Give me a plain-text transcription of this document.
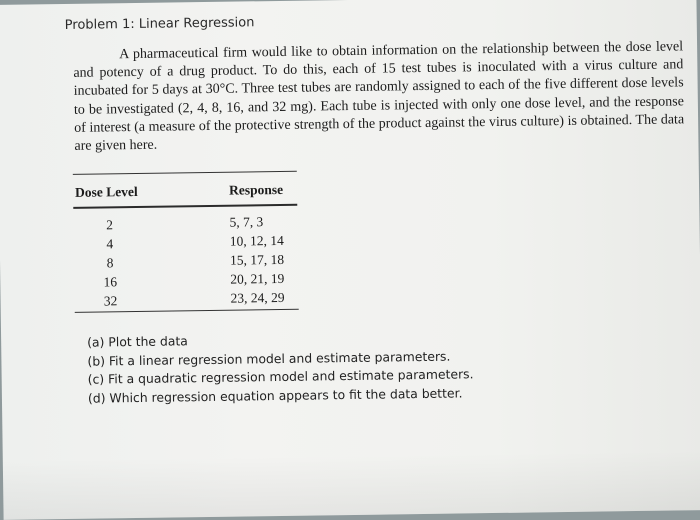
Problem 1: Linear Regression

A pharmaceutical firm would like to obtain information on the relationship between the dose level and potency of a drug product. To do this, each of 15 test tubes is inoculated with a virus culture and incubated for 5 days at 30°C. Three test tubes are randomly assigned to each of the five different dose levels to be investigated (2, 4, 8, 16, and 32 mg). Each tube is injected with only one dose level, and the response of interest (a measure of the protective strength of the product against the virus culture) is obtained. The data are given here.

Dose Level	Response
2	5, 7, 3
4	10, 12, 14
8	15, 17, 18
16	20, 21, 19
32	23, 24, 29
(a) Plot the data
(b) Fit a linear regression model and estimate parameters.
(c) Fit a quadratic regression model and estimate parameters.
(d) Which regression equation appears to fit the data better.
